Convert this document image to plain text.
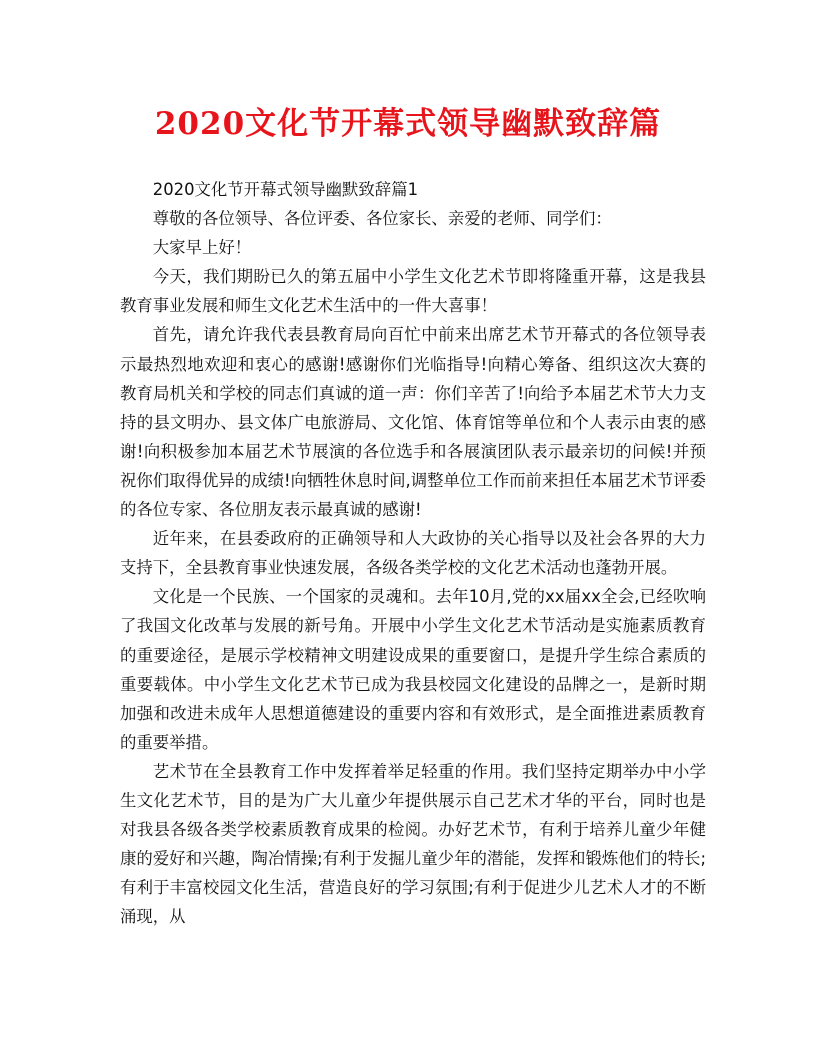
2020文化节开幕式领导幽默致辞篇

2020文化节开幕式领导幽默致辞篇1

尊敬的各位领导、各位评委、各位家长、亲爱的老师、同学们：

大家早上好！

今天，我们期盼已久的第五届中小学生文化艺术节即将隆重开幕，这是我县教育事业发展和师生文化艺术生活中的一件大喜事！

首先，请允许我代表县教育局向百忙中前来出席艺术节开幕式的各位领导表示最热烈地欢迎和衷心的感谢!感谢你们光临指导!向精心筹备、组织这次大赛的教育局机关和学校的同志们真诚的道一声：你们辛苦了!向给予本届艺术节大力支持的县文明办、县文体广电旅游局、文化馆、体育馆等单位和个人表示由衷的感谢!向积极参加本届艺术节展演的各位选手和各展演团队表示最亲切的问候!并预祝你们取得优异的成绩!向牺牲休息时间,调整单位工作而前来担任本届艺术节评委的各位专家、各位朋友表示最真诚的感谢!

近年来，在县委政府的正确领导和人大政协的关心指导以及社会各界的大力支持下，全县教育事业快速发展，各级各类学校的文化艺术活动也蓬勃开展。

文化是一个民族、一个国家的灵魂和。去年10月,党的xx届xx全会,已经吹响了我国文化改革与发展的新号角。开展中小学生文化艺术节活动是实施素质教育的重要途径，是展示学校精神文明建设成果的重要窗口，是提升学生综合素质的重要载体。中小学生文化艺术节已成为我县校园文化建设的品牌之一，是新时期加强和改进未成年人思想道德建设的重要内容和有效形式，是全面推进素质教育的重要举措。

艺术节在全县教育工作中发挥着举足轻重的作用。我们坚持定期举办中小学生文化艺术节，目的是为广大儿童少年提供展示自己艺术才华的平台，同时也是对我县各级各类学校素质教育成果的检阅。办好艺术节，有利于培养儿童少年健康的爱好和兴趣，陶冶情操;有利于发掘儿童少年的潜能，发挥和锻炼他们的特长;有利于丰富校园文化生活，营造良好的学习氛围;有利于促进少儿艺术人才的不断涌现，从
